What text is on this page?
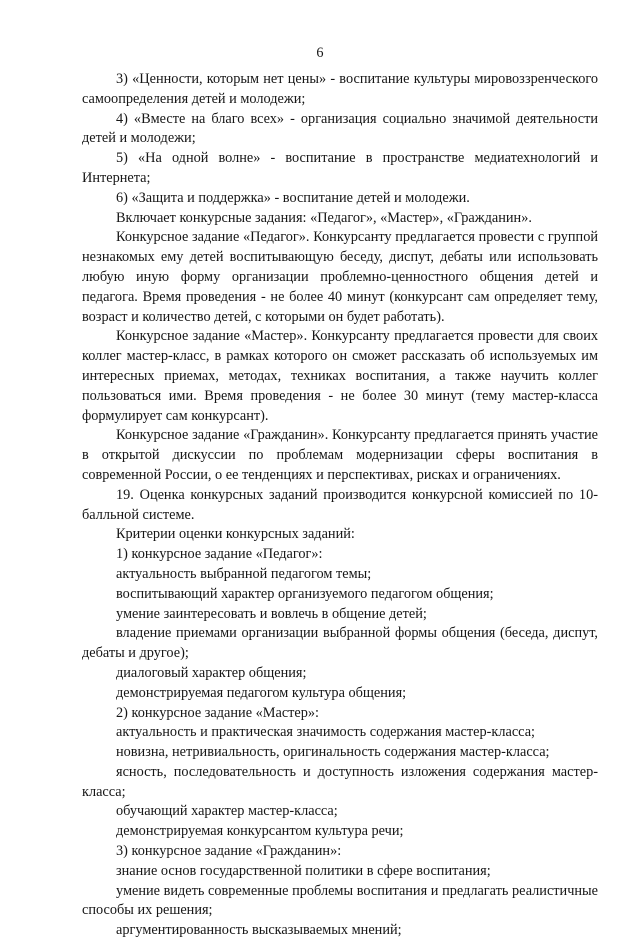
6

3) «Ценности, которым нет цены» - воспитание культуры мировоззренческого самоопределения детей и молодежи;

4) «Вместе на благо всех» - организация социально значимой деятельности детей и молодежи;

5) «На одной волне» - воспитание в пространстве медиатехнологий и Интернета;

6) «Защита и поддержка» - воспитание детей и молодежи.

Включает конкурсные задания: «Педагог», «Мастер», «Гражданин».

Конкурсное задание «Педагог». Конкурсанту предлагается провести с группой незнакомых ему детей воспитывающую беседу, диспут, дебаты или использовать любую иную форму организации проблемно-ценностного общения детей и педагога. Время проведения - не более 40 минут (конкурсант сам определяет тему, возраст и количество детей, с которыми он будет работать).

Конкурсное задание «Мастер». Конкурсанту предлагается провести для своих коллег мастер-класс, в рамках которого он сможет рассказать об используемых им интересных приемах, методах, техниках воспитания, а также научить коллег пользоваться ими. Время проведения - не более 30 минут (тему мастер-класса формулирует сам конкурсант).

Конкурсное задание «Гражданин». Конкурсанту предлагается принять участие в открытой дискуссии по проблемам модернизации сферы воспитания в современной России, о ее тенденциях и перспективах, рисках и ограничениях.

19. Оценка конкурсных заданий производится конкурсной комиссией по 10-балльной системе.

Критерии оценки конкурсных заданий:

1) конкурсное задание «Педагог»:

актуальность выбранной педагогом темы;

воспитывающий характер организуемого педагогом общения;

умение заинтересовать и вовлечь в общение детей;

владение приемами организации выбранной формы общения (беседа, диспут, дебаты и другое);

диалоговый характер общения;

демонстрируемая педагогом культура общения;

2) конкурсное задание «Мастер»:

актуальность и практическая значимость содержания мастер-класса;

новизна, нетривиальность, оригинальность содержания мастер-класса;

ясность, последовательность и доступность изложения содержания мастер-класса;

обучающий характер мастер-класса;

демонстрируемая конкурсантом культура речи;

3) конкурсное задание «Гражданин»:

знание основ государственной политики в сфере воспитания;

умение видеть современные проблемы воспитания и предлагать реалистичные способы их решения;

аргументированность высказываемых мнений;
